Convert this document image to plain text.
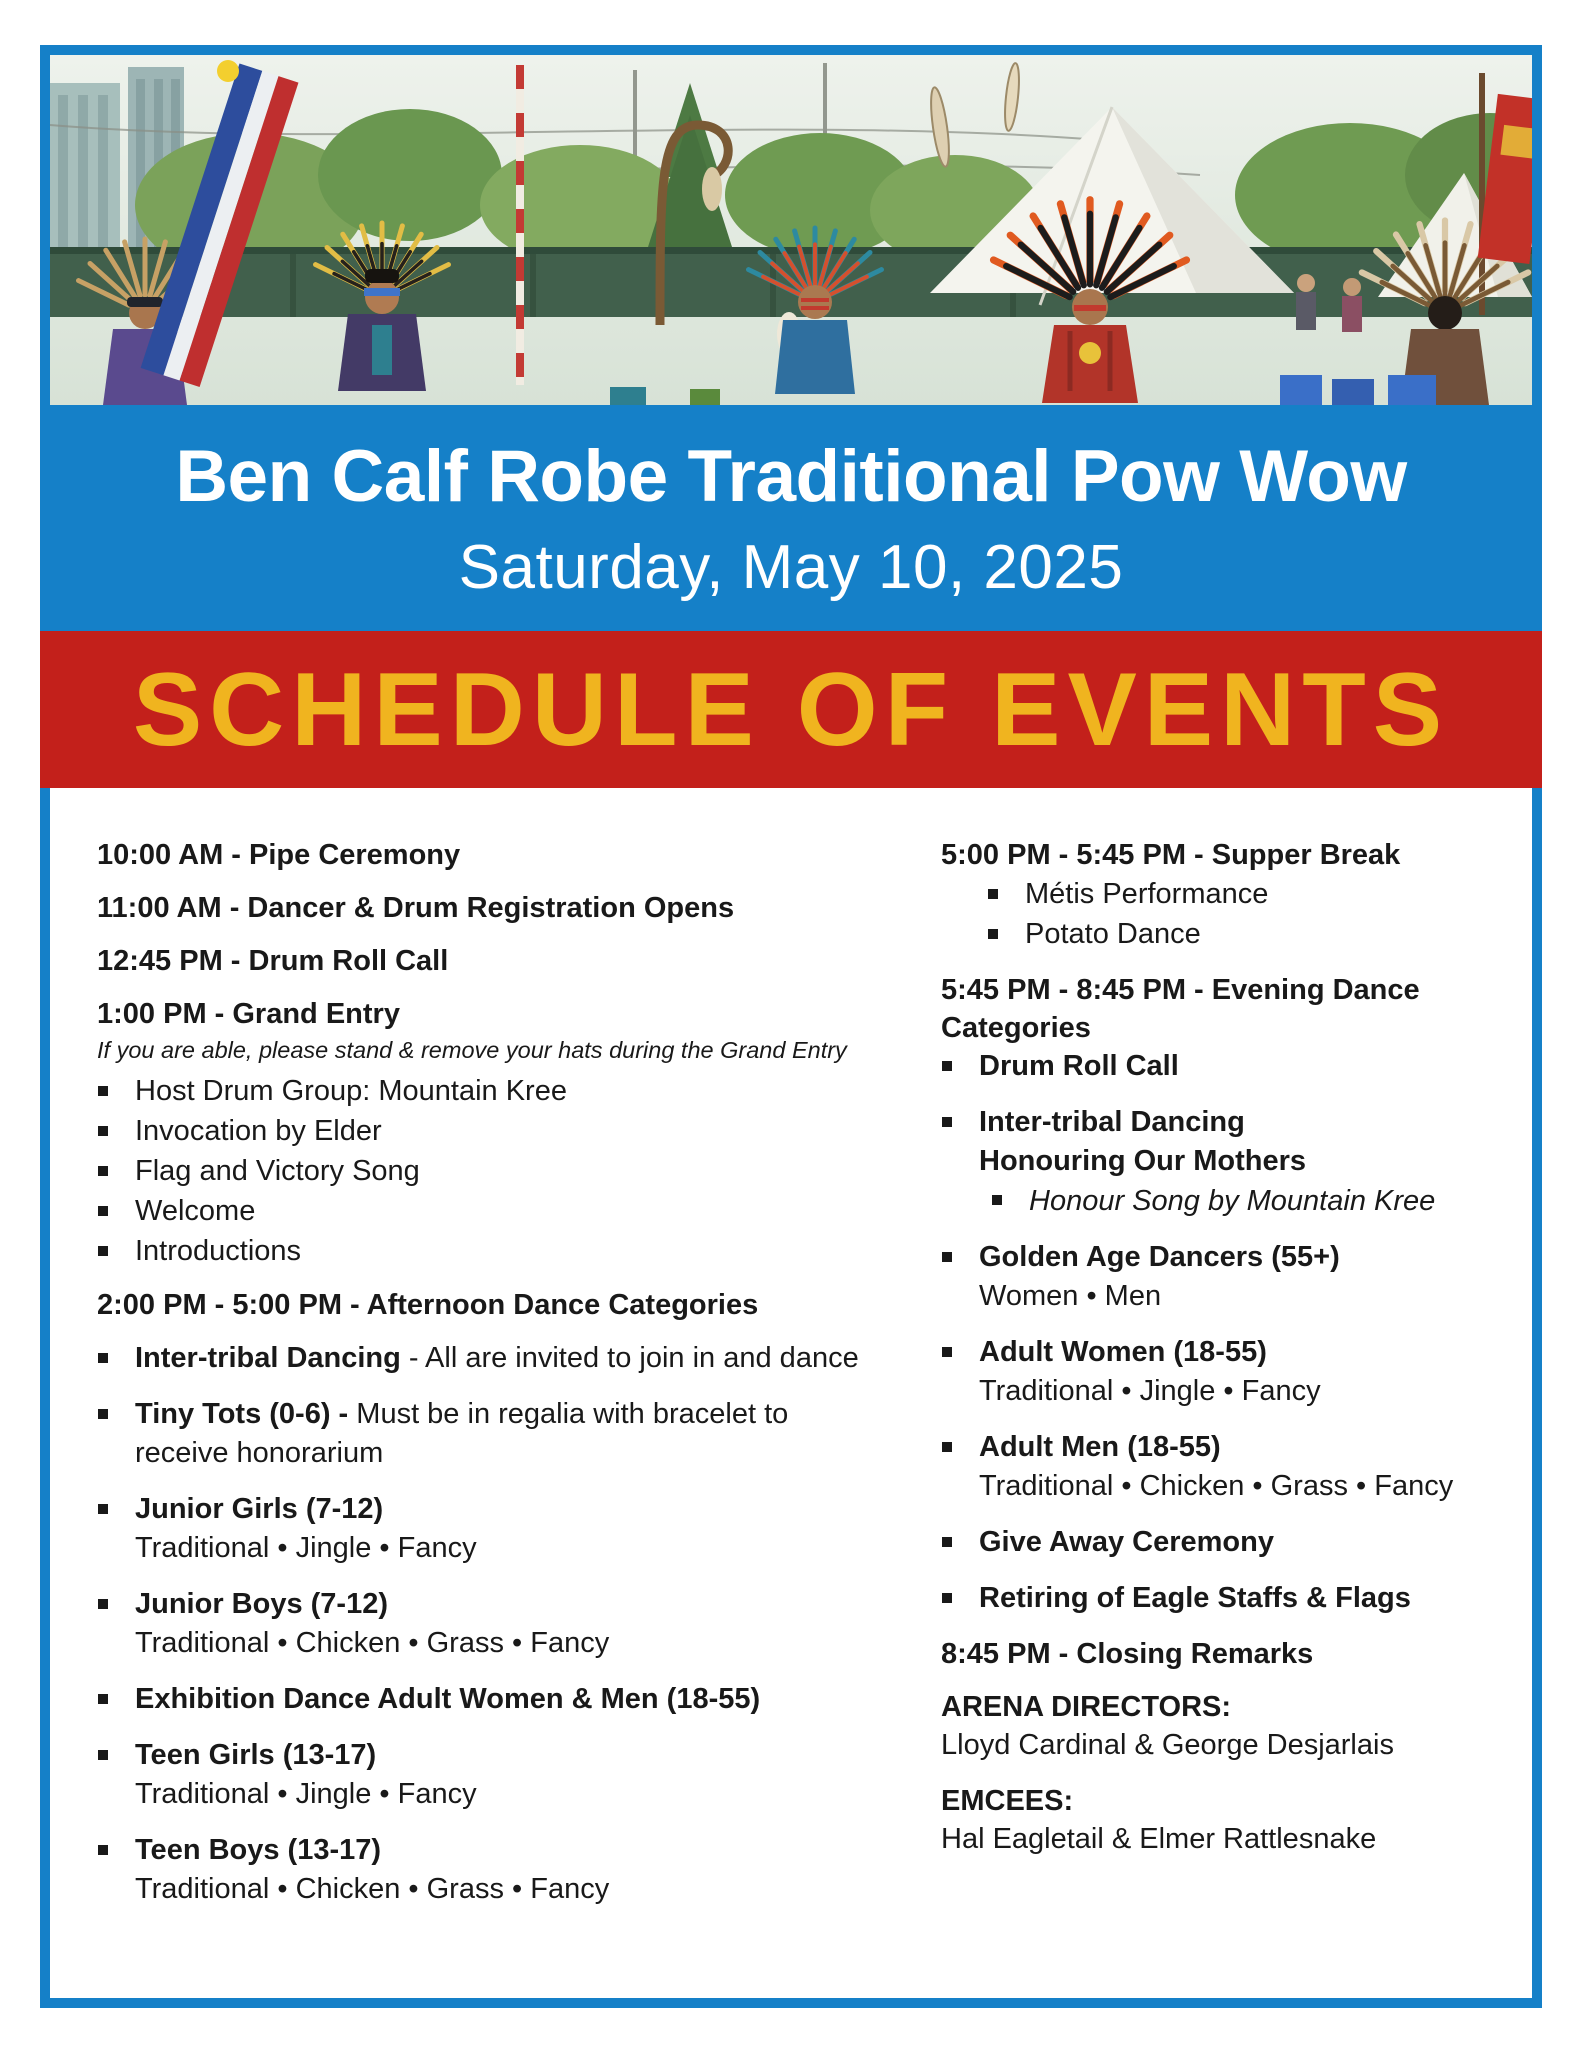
Ben Calf Robe Traditional Pow Wow
Saturday, May 10, 2025
10:00 AM - Pipe Ceremony
11:00 AM - Dancer & Drum Registration Opens
12:45 PM - Drum Roll Call
1:00 PM - Grand Entry
If you are able, please stand & remove your hats during the Grand Entry
Host Drum Group: Mountain Kree
Invocation by Elder
Flag and Victory Song
Welcome
Introductions
2:00 PM - 5:00 PM - Afternoon Dance Categories
Inter-tribal Dancing - All are invited to join in and dance
Tiny Tots (0-6) - Must be in regalia with bracelet to receive honorarium
Junior Girls (7-12)
Traditional • Jingle • Fancy
Junior Boys (7-12)
Traditional • Chicken • Grass • Fancy
Exhibition Dance Adult Women & Men (18-55)
Teen Girls (13-17)
Traditional • Jingle • Fancy
Teen Boys (13-17)
Traditional • Chicken • Grass • Fancy
5:00 PM - 5:45 PM - Supper Break
Métis Performance
Potato Dance
5:45 PM - 8:45 PM - Evening Dance Categories
Drum Roll Call
Inter-tribal Dancing
Honouring Our Mothers
Honour Song by Mountain Kree
Golden Age Dancers (55+)
Women • Men
Adult Women (18-55)
Traditional • Jingle • Fancy
Adult Men (18-55)
Traditional • Chicken • Grass • Fancy
Give Away Ceremony
Retiring of Eagle Staffs & Flags
8:45 PM - Closing Remarks
ARENA DIRECTORS:
Lloyd Cardinal & George Desjarlais
EMCEES:
Hal Eagletail & Elmer Rattlesnake
SCHEDULE OF EVENTS
